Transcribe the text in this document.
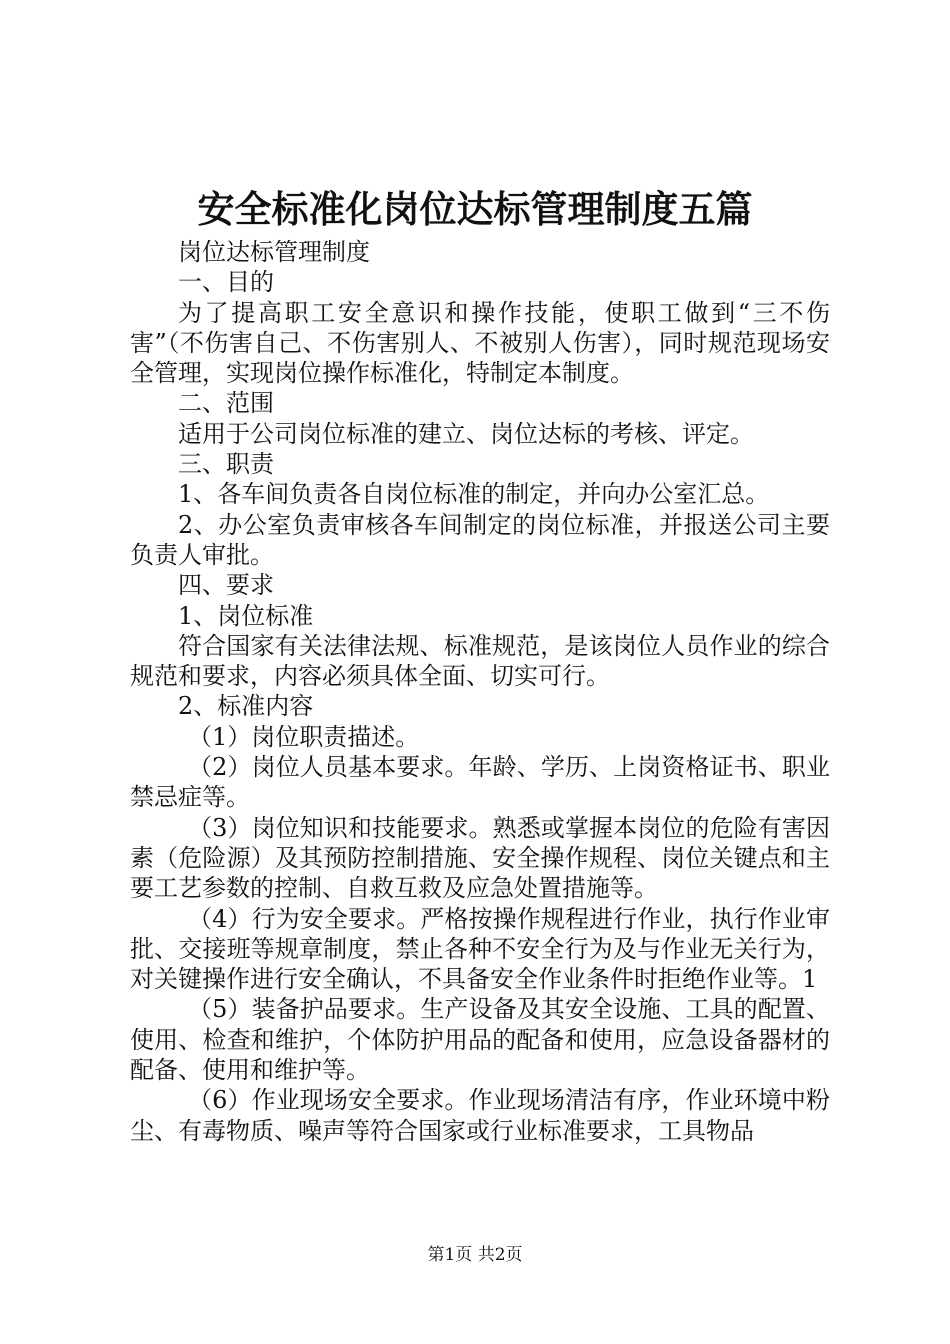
安全标准化岗位达标管理制度五篇

岗位达标管理制度

一、目的

为了提高职工安全意识和操作技能，使职工做到“三不伤害”（不伤害自己、不伤害别人、不被别人伤害），同时规范现场安全管理，实现岗位操作标准化，特制定本制度。

二、范围

适用于公司岗位标准的建立、岗位达标的考核、评定。

三、职责

1、各车间负责各自岗位标准的制定，并向办公室汇总。

2、办公室负责审核各车间制定的岗位标准，并报送公司主要负责人审批。

四、要求

1、岗位标准

符合国家有关法律法规、标准规范，是该岗位人员作业的综合规范和要求，内容必须具体全面、切实可行。

2、标准内容

（1）岗位职责描述。

（2）岗位人员基本要求。年龄、学历、上岗资格证书、职业禁忌症等。

（3）岗位知识和技能要求。熟悉或掌握本岗位的危险有害因素（危险源）及其预防控制措施、安全操作规程、岗位关键点和主要工艺参数的控制、自救互救及应急处置措施等。

（4）行为安全要求。严格按操作规程进行作业，执行作业审批、交接班等规章制度，禁止各种不安全行为及与作业无关行为，对关键操作进行安全确认，不具备安全作业条件时拒绝作业等。1

（5）装备护品要求。生产设备及其安全设施、工具的配置、使用、检查和维护，个体防护用品的配备和使用，应急设备器材的配备、使用和维护等。

（6）作业现场安全要求。作业现场清洁有序，作业环境中粉尘、有毒物质、噪声等符合国家或行业标准要求，工具物品

第1页 共2页
